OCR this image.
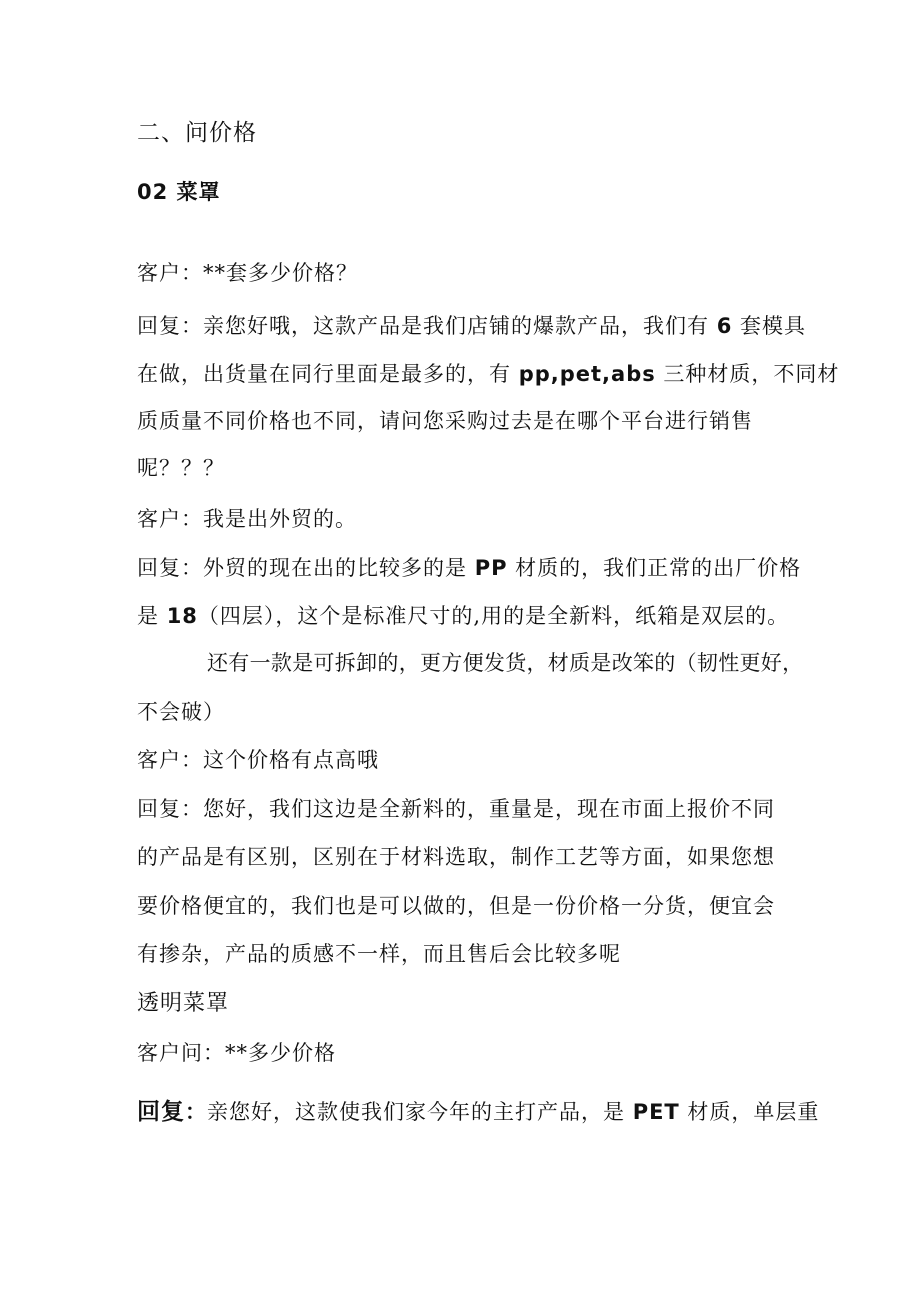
二、问价格
02 菜罩
客户：**套多少价格？
回复：亲您好哦，这款产品是我们店铺的爆款产品，我们有 6 套模具
在做，出货量在同行里面是最多的，有 pp,pet,abs 三种材质，不同材
质质量不同价格也不同，请问您采购过去是在哪个平台进行销售
呢？？？
客户：我是出外贸的。
回复：外贸的现在出的比较多的是 PP 材质的，我们正常的出厂价格
是 18（四层），这个是标准尺寸的,用的是全新料，纸箱是双层的。
还有一款是可拆卸的，更方便发货，材质是改笨的（韧性更好，
不会破）
客户：这个价格有点高哦
回复：您好，我们这边是全新料的，重量是，现在市面上报价不同
的产品是有区别，区别在于材料选取，制作工艺等方面，如果您想
要价格便宜的，我们也是可以做的，但是一份价格一分货，便宜会
有掺杂，产品的质感不一样，而且售后会比较多呢
透明菜罩
客户问：**多少价格
回复：亲您好，这款使我们家今年的主打产品，是 PET 材质，单层重
